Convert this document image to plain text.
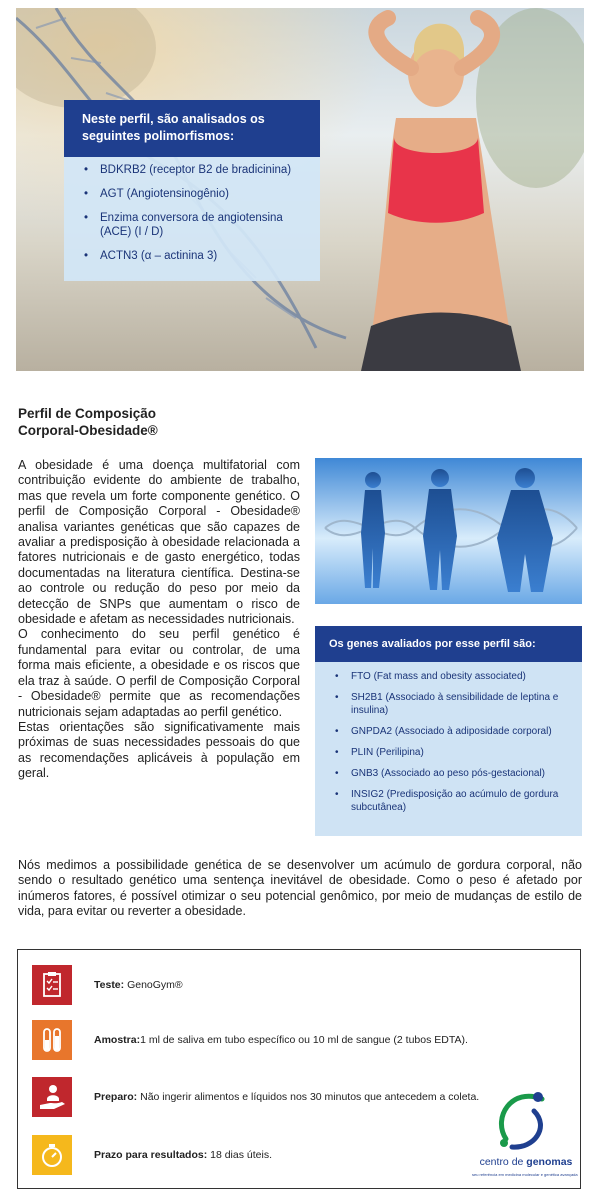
Neste perfil, são analisados os seguintes polimorfismos:
• BDKRB2 (receptor B2 de bradicinina)
• AGT (Angiotensinogênio)
• Enzima conversora de angiotensina (ACE) (I / D)
• ACTN3 (α – actinina 3)
Perfil de Composição
Corporal-Obesidade®

A obesidade é uma doença multifatorial com contribuição evidente do ambiente de trabalho, mas que revela um forte componente genético. O perfil de Composição Corporal - Obesidade® analisa variantes genéticas que são capazes de avaliar a predisposição à obesidade relacionada a fatores nutricionais e de gasto energético, todas documentadas na literatura científica. Destina-se ao controle ou redução do peso por meio da detecção de SNPs que aumentam o risco de obesidade e afetam as necessidades nutricionais.

O conhecimento do seu perfil genético é fundamental para evitar ou controlar, de uma forma mais eficiente, a obesidade e os riscos que ela traz à saúde. O perfil de Composição Corporal - Obesidade® permite que as recomendações nutricionais sejam adaptadas ao perfil genético.

Estas orientações são significativamente mais próximas de suas necessidades pessoais do que as recomendações aplicáveis à população em geral.

Os genes avaliados por esse perfil são:
• FTO (Fat mass and obesity associated)
• SH2B1 (Associado à sensibilidade de leptina e insulina)
• GNPDA2 (Associado à adiposidade corporal)
• PLIN (Perilipina)
• GNB3 (Associado ao peso pós-gestacional)
• INSIG2 (Predisposição ao acúmulo de gordura subcutânea)
Nós medimos a possibilidade genética de se desenvolver um acúmulo de gordura corporal, não sendo o resultado genético uma sentença inevitável de obesidade. Como o peso é afetado por inúmeros fatores, é possível otimizar o seu potencial genômico, por meio de mudanças de estilo de vida, para evitar ou reverter a obesidade.
Teste: GenoGym®
Amostra:1 ml de saliva em tubo específico ou 10 ml de sangue (2 tubos EDTA).
Preparo: Não ingerir alimentos e líquidos nos 30 minutos que antecedem a coleta.
Prazo para resultados: 18 dias úteis.
centro de genomas
seu referência em medicina molecular e genética avançada
